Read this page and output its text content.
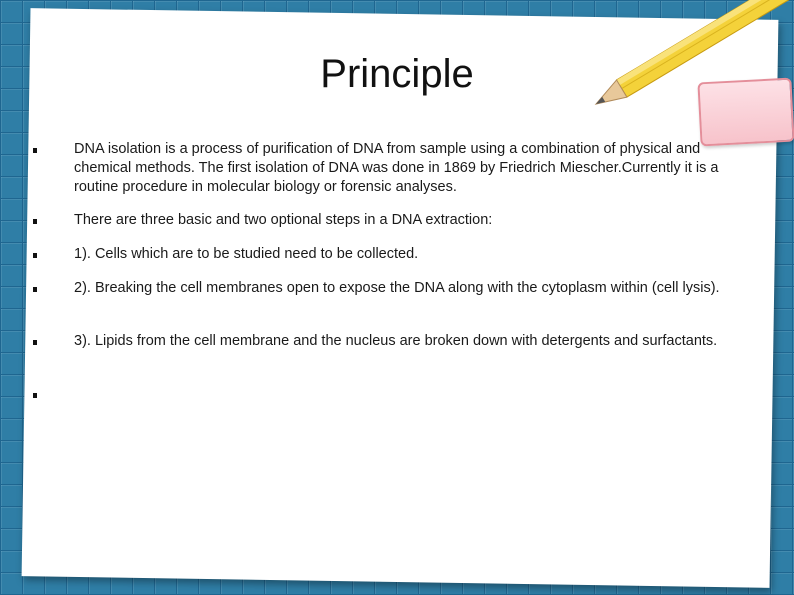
Principle
DNA isolation is a process of purification of DNA from sample using a combination of physical and chemical methods. The first isolation of DNA was done in 1869 by Friedrich Miescher.Currently it is a routine procedure in molecular biology or forensic analyses.
There are three basic and two optional steps in a DNA extraction:
1). Cells which are to be studied need to be collected.
2). Breaking the cell membranes open to expose the DNA along with the cytoplasm within (cell lysis).
3). Lipids from the cell membrane and the nucleus are broken down with detergents and surfactants.
